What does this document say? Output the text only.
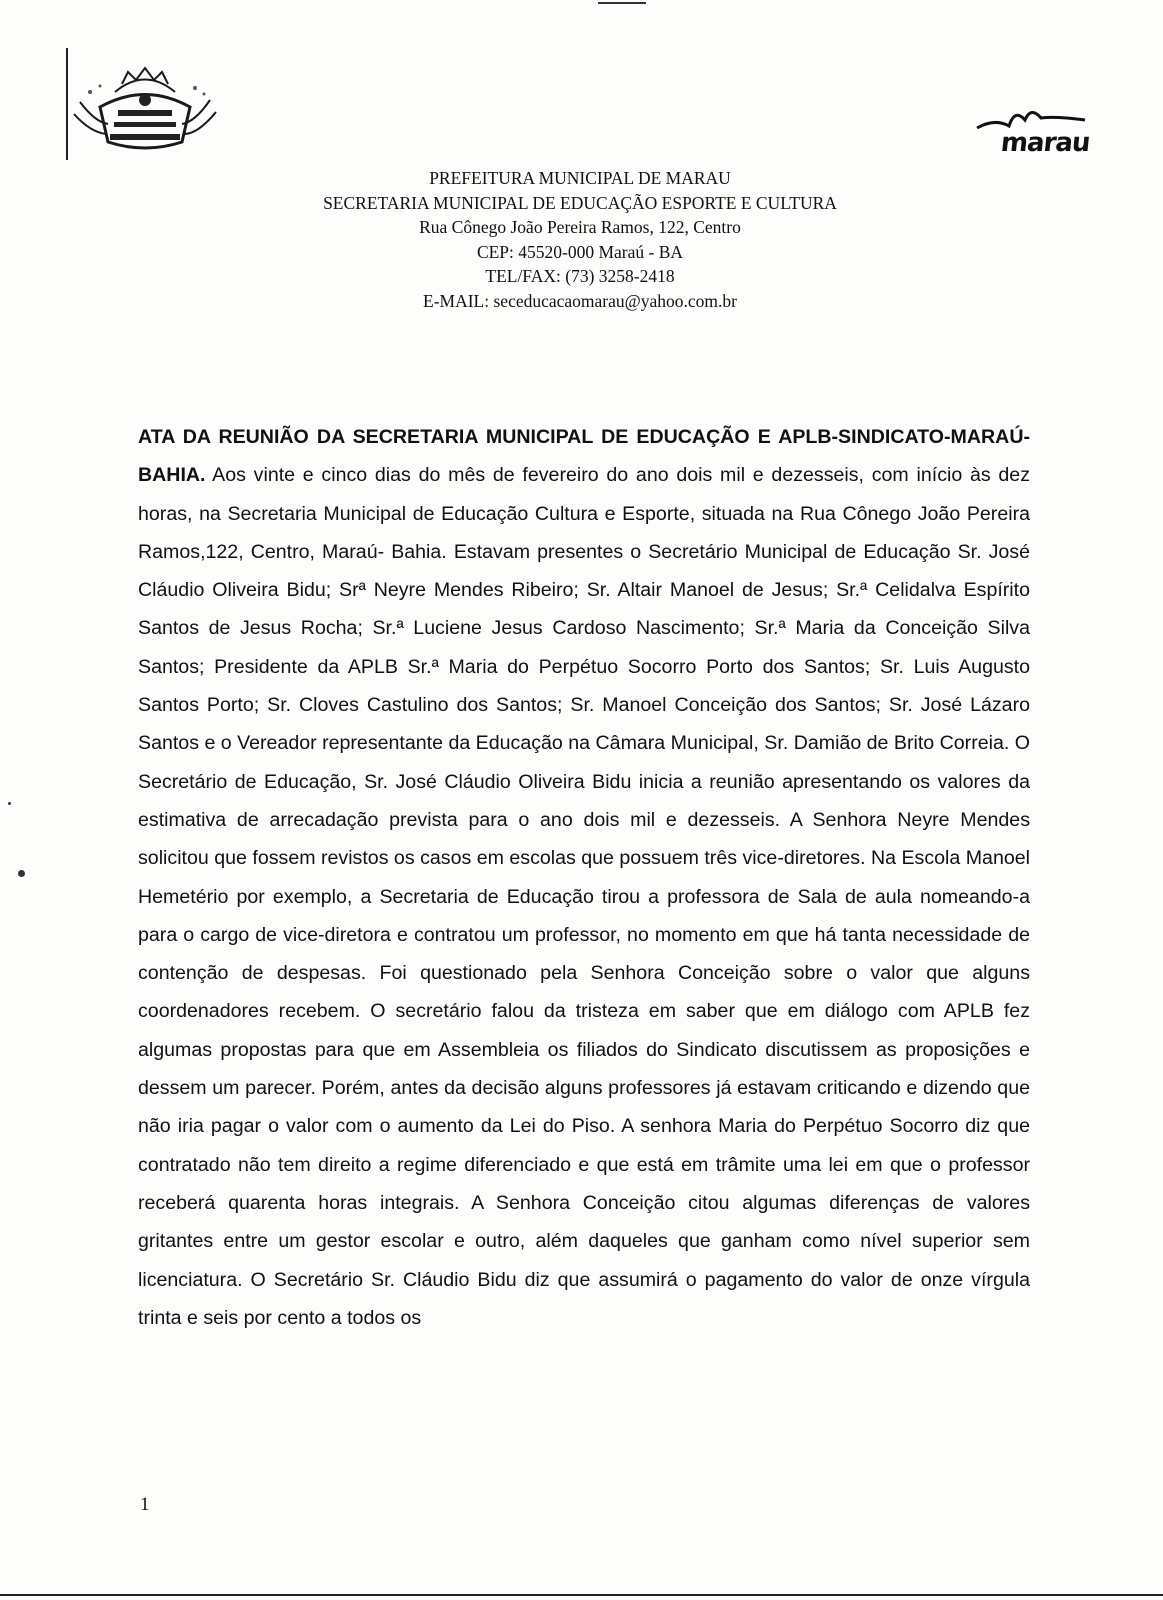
marau
PREFEITURA MUNICIPAL DE MARAU
SECRETARIA MUNICIPAL DE EDUCAÇÃO ESPORTE E CULTURA
Rua Cônego João Pereira Ramos, 122, Centro
CEP: 45520-000 Maraú - BA
TEL/FAX: (73) 3258-2418
E-MAIL: seceducacaomarau@yahoo.com.br

ATA DA REUNIÃO DA SECRETARIA MUNICIPAL DE EDUCAÇÃO E APLB-SINDICATO-MARAÚ-BAHIA. Aos vinte e cinco dias do mês de fevereiro do ano dois mil e dezesseis, com início às dez horas, na Secretaria Municipal de Educação Cultura e Esporte, situada na Rua Cônego João Pereira Ramos,122, Centro, Maraú- Bahia. Estavam presentes o Secretário Municipal de Educação Sr. José Cláudio Oliveira Bidu; Srª Neyre Mendes Ribeiro; Sr. Altair Manoel de Jesus; Sr.ª Celidalva Espírito Santos de Jesus Rocha; Sr.ª Luciene Jesus Cardoso Nascimento; Sr.ª Maria da Conceição Silva Santos; Presidente da APLB Sr.ª Maria do Perpétuo Socorro Porto dos Santos; Sr. Luis Augusto Santos Porto; Sr. Cloves Castulino dos Santos; Sr. Manoel Conceição dos Santos; Sr. José Lázaro Santos e o Vereador representante da Educação na Câmara Municipal, Sr. Damião de Brito Correia. O Secretário de Educação, Sr. José Cláudio Oliveira Bidu inicia a reunião apresentando os valores da estimativa de arrecadação prevista para o ano dois mil e dezesseis. A Senhora Neyre Mendes solicitou que fossem revistos os casos em escolas que possuem três vice-diretores. Na Escola Manoel Hemetério por exemplo, a Secretaria de Educação tirou a professora de Sala de aula nomeando-a para o cargo de vice-diretora e contratou um professor, no momento em que há tanta necessidade de contenção de despesas. Foi questionado pela Senhora Conceição sobre o valor que alguns coordenadores recebem. O secretário falou da tristeza em saber que em diálogo com APLB fez algumas propostas para que em Assembleia os filiados do Sindicato discutissem as proposições e dessem um parecer. Porém, antes da decisão alguns professores já estavam criticando e dizendo que não iria pagar o valor com o aumento da Lei do Piso. A senhora Maria do Perpétuo Socorro diz que contratado não tem direito a regime diferenciado e que está em trâmite uma lei em que o professor receberá quarenta horas integrais. A Senhora Conceição citou algumas diferenças de valores gritantes entre um gestor escolar e outro, além daqueles que ganham como nível superior sem licenciatura. O Secretário Sr. Cláudio Bidu diz que assumirá o pagamento do valor de onze vírgula trinta e seis por cento a todos os

1
